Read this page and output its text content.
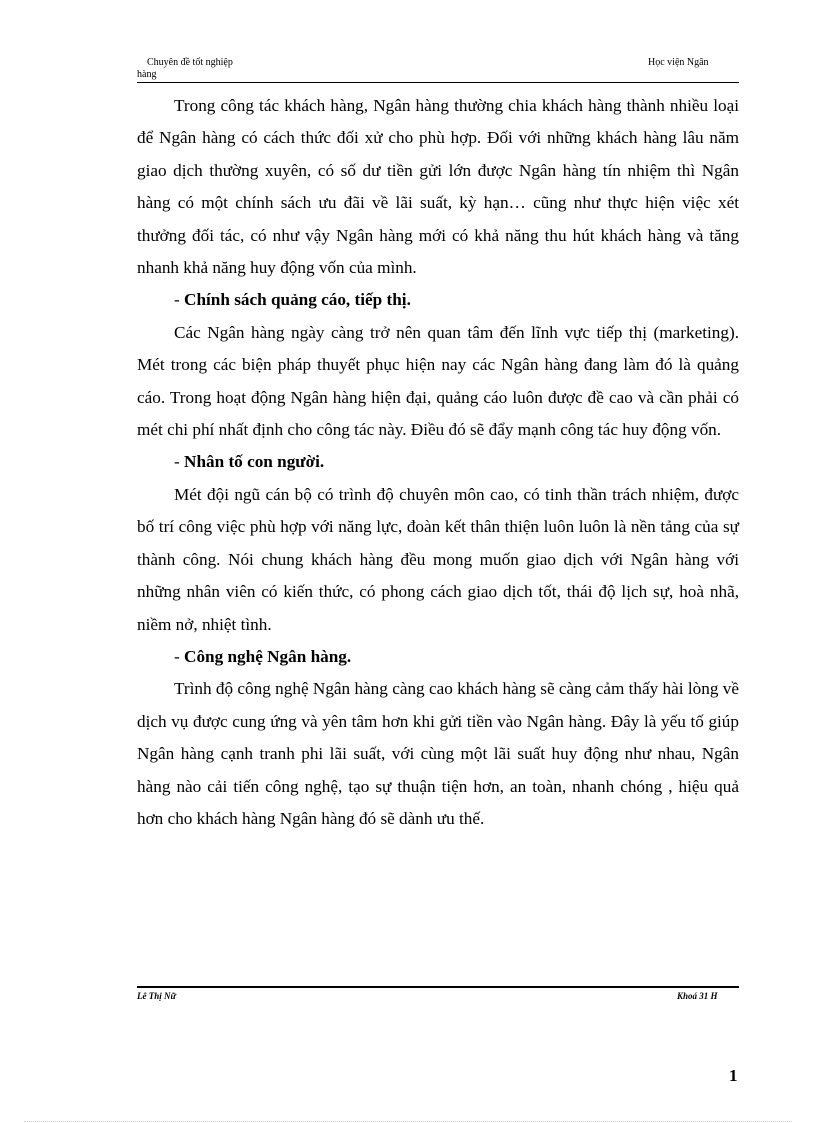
Chuyên đề tốt nghiệp
hàng
Học viện Ngân

Trong công tác khách hàng, Ngân hàng thường chia khách hàng thành nhiều loại để Ngân hàng có cách thức đối xử cho phù hợp. Đối với những khách hàng lâu năm giao dịch thường xuyên, có số dư tiền gửi lớn được Ngân hàng tín nhiệm thì Ngân hàng có một chính sách ưu đãi về lãi suất, kỳ hạn… cũng như thực hiện việc xét thưởng đối tác, có như vậy Ngân hàng mới có khả năng thu hút khách hàng và tăng nhanh khả năng huy động vốn của mình.

- Chính sách quảng cáo, tiếp thị.

Các Ngân hàng ngày càng trở nên quan tâm đến lĩnh vực tiếp thị (marketing). Mét trong các biện pháp thuyết phục hiện nay các Ngân hàng đang làm đó là quảng cáo. Trong hoạt động Ngân hàng hiện đại, quảng cáo luôn được đề cao và cần phải có mét chi phí nhất định cho công tác này. Điều đó sẽ đẩy mạnh công tác huy động vốn.

- Nhân tố con người.

Mét đội ngũ cán bộ có trình độ chuyên môn cao, có tinh thần trách nhiệm, được bố trí công việc phù hợp với năng lực, đoàn kết thân thiện luôn luôn là nền tảng của sự thành công. Nói chung khách hàng đều mong muốn giao dịch với Ngân hàng với những nhân viên có kiến thức, có phong cách giao dịch tốt, thái độ lịch sự, hoà nhã, niềm nở, nhiệt tình.

- Công nghệ Ngân hàng.

Trình độ công nghệ Ngân hàng càng cao khách hàng sẽ càng cảm thấy hài lòng về dịch vụ được cung ứng và yên tâm hơn khi gửi tiền vào Ngân hàng. Đây là yếu tố giúp Ngân hàng cạnh tranh phi lãi suất, với cùng một lãi suất huy động như nhau, Ngân hàng nào cải tiến công nghệ, tạo sự thuận tiện hơn, an toàn, nhanh chóng , hiệu quả hơn cho khách hàng Ngân hàng đó sẽ dành ưu thế.

Lê Thị Nữ	Khoá 31 H
1
